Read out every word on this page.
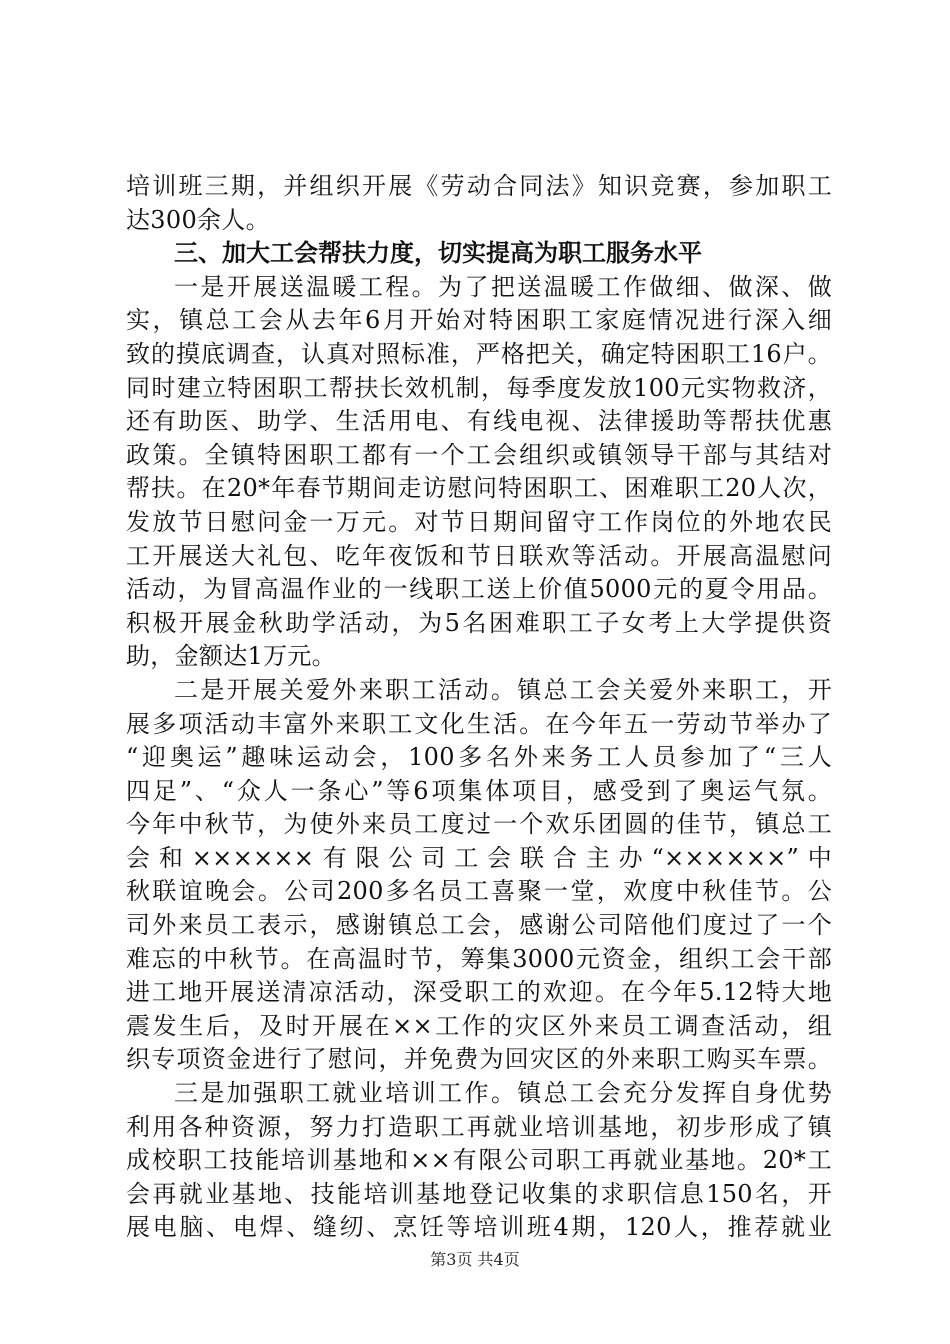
培训班三期，并组织开展《劳动合同法》知识竞赛，参加职工
达300余人。
三、加大工会帮扶力度，切实提高为职工服务水平
一是开展送温暖工程。为了把送温暖工作做细、做深、做
实，镇总工会从去年6月开始对特困职工家庭情况进行深入细
致的摸底调查，认真对照标准，严格把关，确定特困职工16户。
同时建立特困职工帮扶长效机制，每季度发放100元实物救济，
还有助医、助学、生活用电、有线电视、法律援助等帮扶优惠
政策。全镇特困职工都有一个工会组织或镇领导干部与其结对
帮扶。在20*年春节期间走访慰问特困职工、困难职工20人次，
发放节日慰问金一万元。对节日期间留守工作岗位的外地农民
工开展送大礼包、吃年夜饭和节日联欢等活动。开展高温慰问
活动，为冒高温作业的一线职工送上价值5000元的夏令用品。
积极开展金秋助学活动，为5名困难职工子女考上大学提供资
助，金额达1万元。
二是开展关爱外来职工活动。镇总工会关爱外来职工，开
展多项活动丰富外来职工文化生活。在今年五一劳动节举办了
“迎奥运”趣味运动会，100多名外来务工人员参加了“三人
四足”、“众人一条心”等6项集体项目，感受到了奥运气氛。
今年中秋节，为使外来员工度过一个欢乐团圆的佳节，镇总工
会和××××××有限公司工会联合主办“××××××”中
秋联谊晚会。公司200多名员工喜聚一堂，欢度中秋佳节。公
司外来员工表示，感谢镇总工会，感谢公司陪他们度过了一个
难忘的中秋节。在高温时节，筹集3000元资金，组织工会干部
进工地开展送清凉活动，深受职工的欢迎。在今年5.12特大地
震发生后，及时开展在××工作的灾区外来员工调查活动，组
织专项资金进行了慰问，并免费为回灾区的外来职工购买车票。
三是加强职工就业培训工作。镇总工会充分发挥自身优势
利用各种资源，努力打造职工再就业培训基地，初步形成了镇
成校职工技能培训基地和××有限公司职工再就业基地。20*工
会再就业基地、技能培训基地登记收集的求职信息150名，开
展电脑、电焊、缝纫、烹饪等培训班4期，120人，推荐就业
第3页 共4页
